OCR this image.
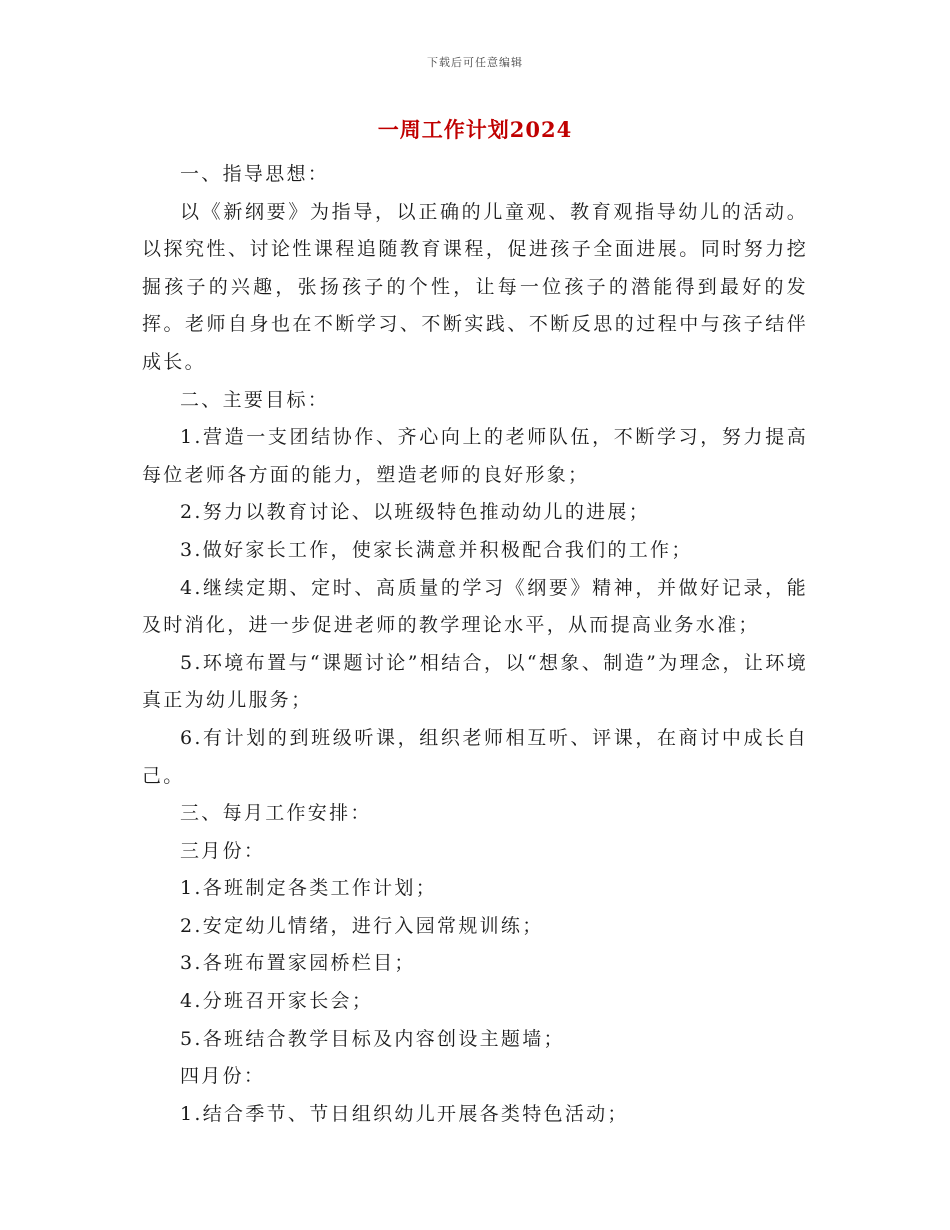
下载后可任意编辑
一周工作计划2024

一、指导思想：

以《新纲要》为指导，以正确的儿童观、教育观指导幼儿的活动。以探究性、讨论性课程追随教育课程，促进孩子全面进展。同时努力挖掘孩子的兴趣，张扬孩子的个性，让每一位孩子的潜能得到最好的发挥。老师自身也在不断学习、不断实践、不断反思的过程中与孩子结伴成长。

二、主要目标：

1.营造一支团结协作、齐心向上的老师队伍，不断学习，努力提高每位老师各方面的能力，塑造老师的良好形象；

2.努力以教育讨论、以班级特色推动幼儿的进展；

3.做好家长工作，使家长满意并积极配合我们的工作；

4.继续定期、定时、高质量的学习《纲要》精神，并做好记录，能及时消化，进一步促进老师的教学理论水平，从而提高业务水准；

5.环境布置与“课题讨论”相结合，以“想象、制造”为理念，让环境真正为幼儿服务；

6.有计划的到班级听课，组织老师相互听、评课，在商讨中成长自己。

三、每月工作安排：

三月份：

1.各班制定各类工作计划；

2.安定幼儿情绪，进行入园常规训练；

3.各班布置家园桥栏目；

4.分班召开家长会；

5.各班结合教学目标及内容创设主题墙；

四月份：

1.结合季节、节日组织幼儿开展各类特色活动；
